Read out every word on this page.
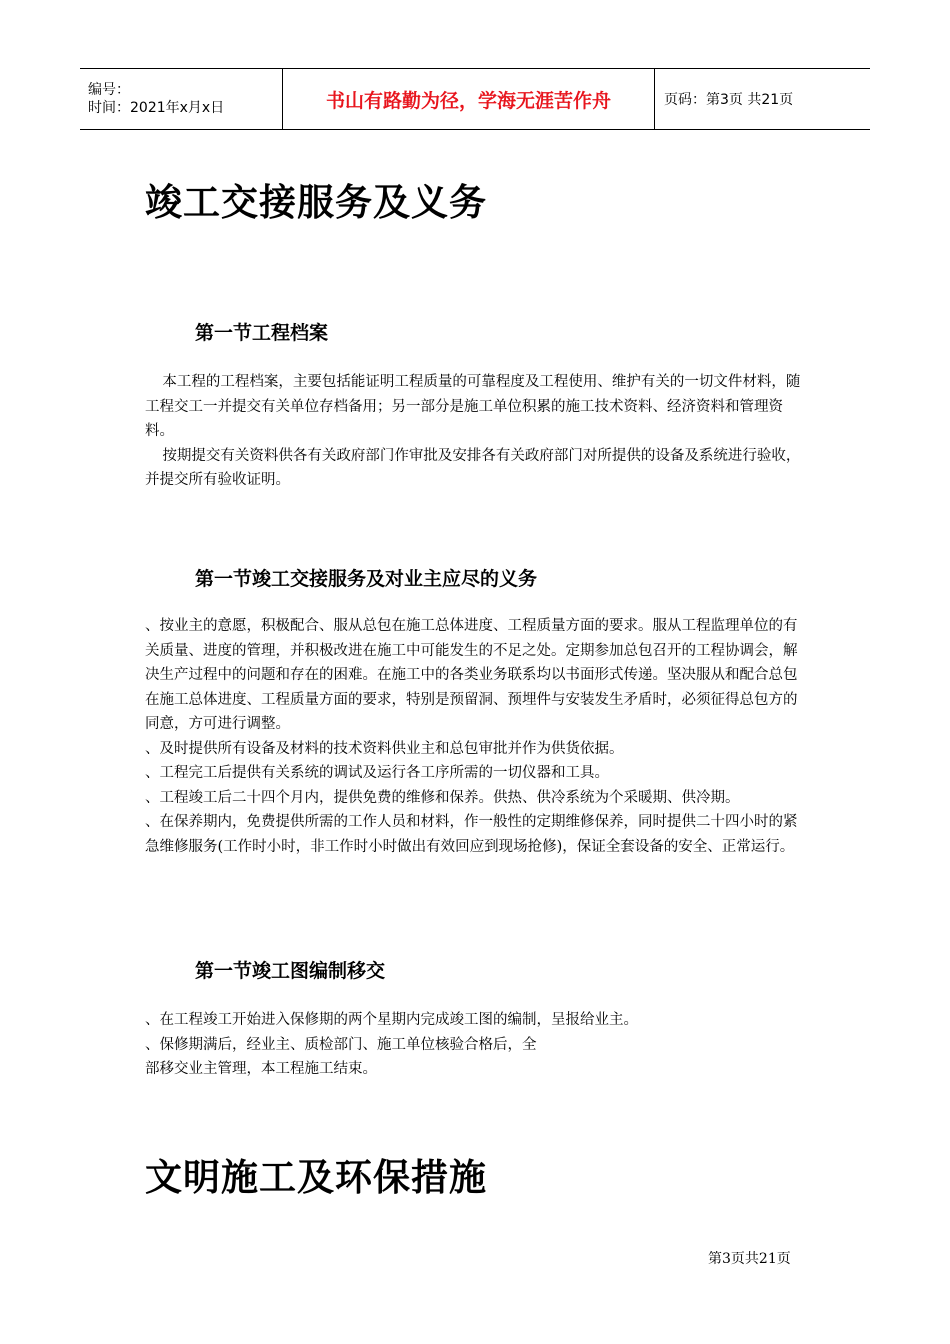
编号：
时间：2021年x月x日	书山有路勤为径，学海无涯苦作舟	页码：第3页 共21页
竣工交接服务及义务
第一节工程档案

本工程的工程档案，主要包括能证明工程质量的可靠程度及工程使用、维护有关的一切文件材料，随工程交工一并提交有关单位存档备用；另一部分是施工单位积累的施工技术资料、经济资料和管理资料。

按期提交有关资料供各有关政府部门作审批及安排各有关政府部门对所提供的设备及系统进行验收，并提交所有验收证明。

第一节竣工交接服务及对业主应尽的义务

、按业主的意愿，积极配合、服从总包在施工总体进度、工程质量方面的要求。服从工程监理单位的有关质量、进度的管理，并积极改进在施工中可能发生的不足之处。定期参加总包召开的工程协调会，解决生产过程中的问题和存在的困难。在施工中的各类业务联系均以书面形式传递。坚决服从和配合总包在施工总体进度、工程质量方面的要求，特别是预留洞、预埋件与安装发生矛盾时，必须征得总包方的同意，方可进行调整。

、及时提供所有设备及材料的技术资料供业主和总包审批并作为供货依据。

、工程完工后提供有关系统的调试及运行各工序所需的一切仪器和工具。

、工程竣工后二十四个月内，提供免费的维修和保养。供热、供冷系统为个采暖期、供冷期。

、在保养期内，免费提供所需的工作人员和材料，作一般性的定期维修保养，同时提供二十四小时的紧急维修服务(工作时小时，非工作时小时做出有效回应到现场抢修)，保证全套设备的安全、正常运行。

第一节竣工图编制移交

、在工程竣工开始进入保修期的两个星期内完成竣工图的编制，呈报给业主。

、保修期满后，经业主、质检部门、施工单位核验合格后，全

部移交业主管理，本工程施工结束。

文明施工及环保措施
第3页共21页
